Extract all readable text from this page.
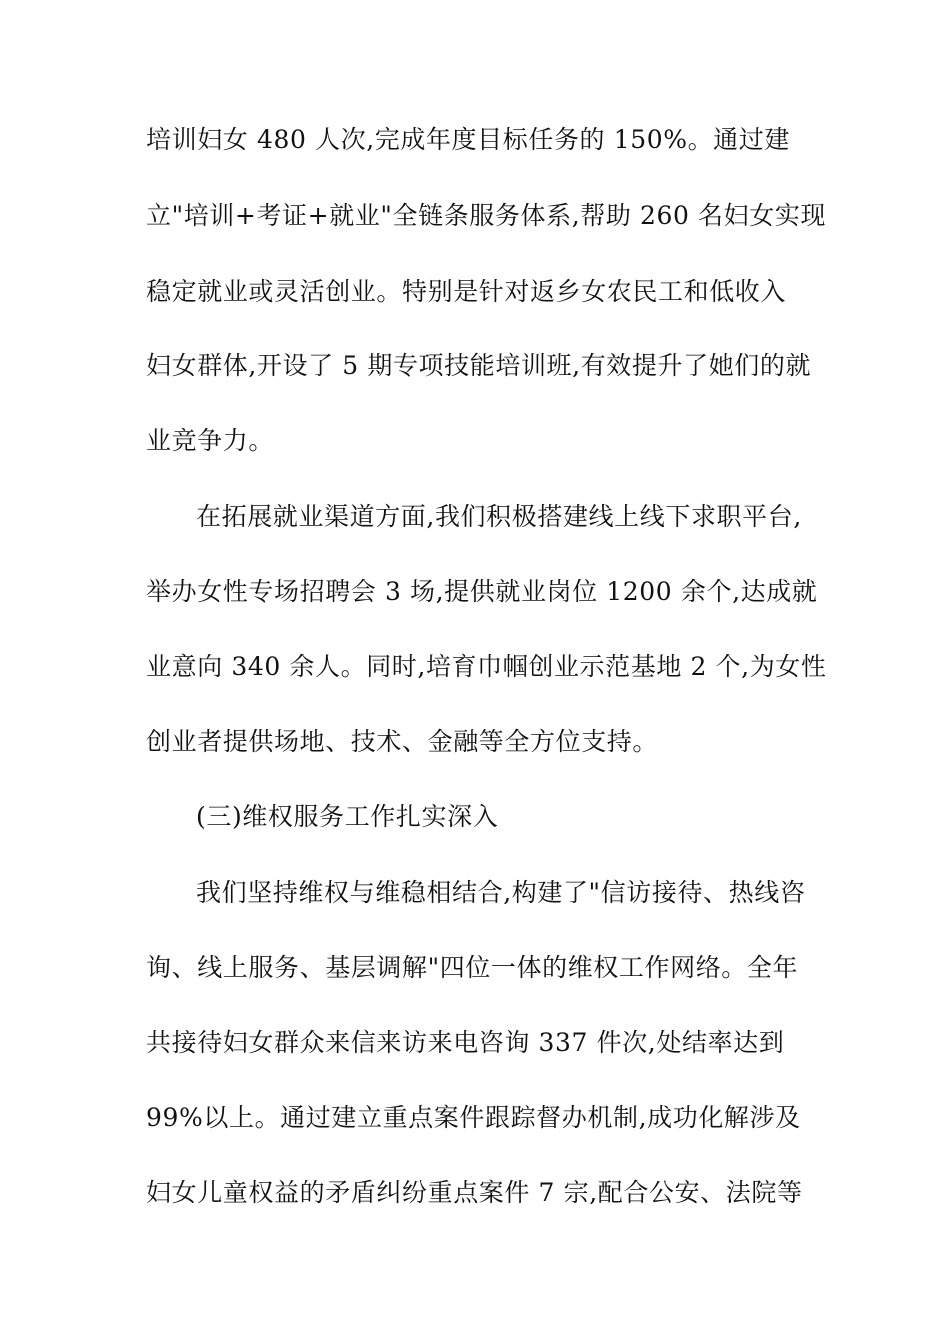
培训妇女 480 人次,完成年度目标任务的 150%。通过建
立"培训+考证+就业"全链条服务体系,帮助 260 名妇女实现
稳定就业或灵活创业。特别是针对返乡女农民工和低收入
妇女群体,开设了 5 期专项技能培训班,有效提升了她们的就
业竞争力。
在拓展就业渠道方面,我们积极搭建线上线下求职平台,
举办女性专场招聘会 3 场,提供就业岗位 1200 余个,达成就
业意向 340 余人。同时,培育巾帼创业示范基地 2 个,为女性
创业者提供场地、技术、金融等全方位支持。
(三)维权服务工作扎实深入
我们坚持维权与维稳相结合,构建了"信访接待、热线咨
询、线上服务、基层调解"四位一体的维权工作网络。全年
共接待妇女群众来信来访来电咨询 337 件次,处结率达到
99%以上。通过建立重点案件跟踪督办机制,成功化解涉及
妇女儿童权益的矛盾纠纷重点案件 7 宗,配合公安、法院等
